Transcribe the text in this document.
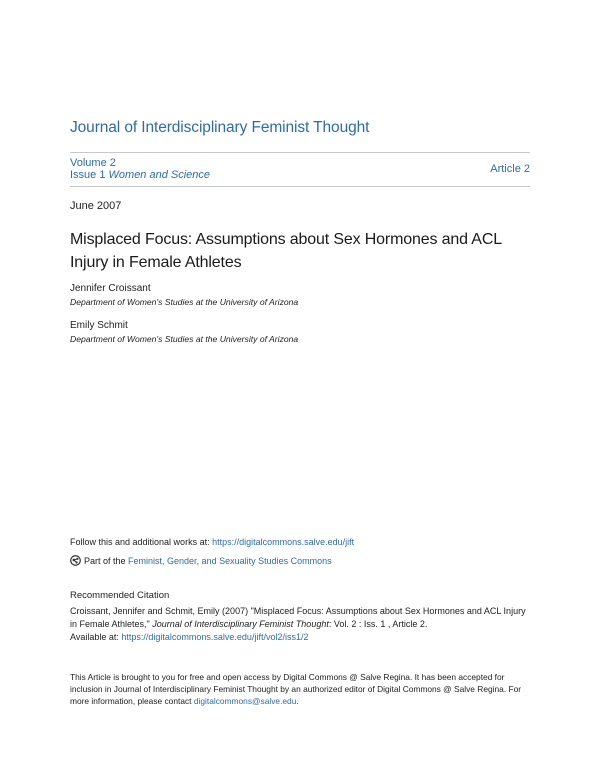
Journal of Interdisciplinary Feminist Thought
Volume 2
Issue 1 Women and Science	Article 2
June 2007
Misplaced Focus: Assumptions about Sex Hormones and ACL Injury in Female Athletes
Jennifer Croissant
Department of Women's Studies at the University of Arizona
Emily Schmit
Department of Women's Studies at the University of Arizona
Follow this and additional works at: https://digitalcommons.salve.edu/jift
Part of the Feminist, Gender, and Sexuality Studies Commons
Recommended Citation
Croissant, Jennifer and Schmit, Emily (2007) "Misplaced Focus: Assumptions about Sex Hormones and ACL Injury in Female Athletes," Journal of Interdisciplinary Feminist Thought: Vol. 2 : Iss. 1 , Article 2.
Available at: https://digitalcommons.salve.edu/jift/vol2/iss1/2
This Article is brought to you for free and open access by Digital Commons @ Salve Regina. It has been accepted for inclusion in Journal of Interdisciplinary Feminist Thought by an authorized editor of Digital Commons @ Salve Regina. For more information, please contact digitalcommons@salve.edu.
